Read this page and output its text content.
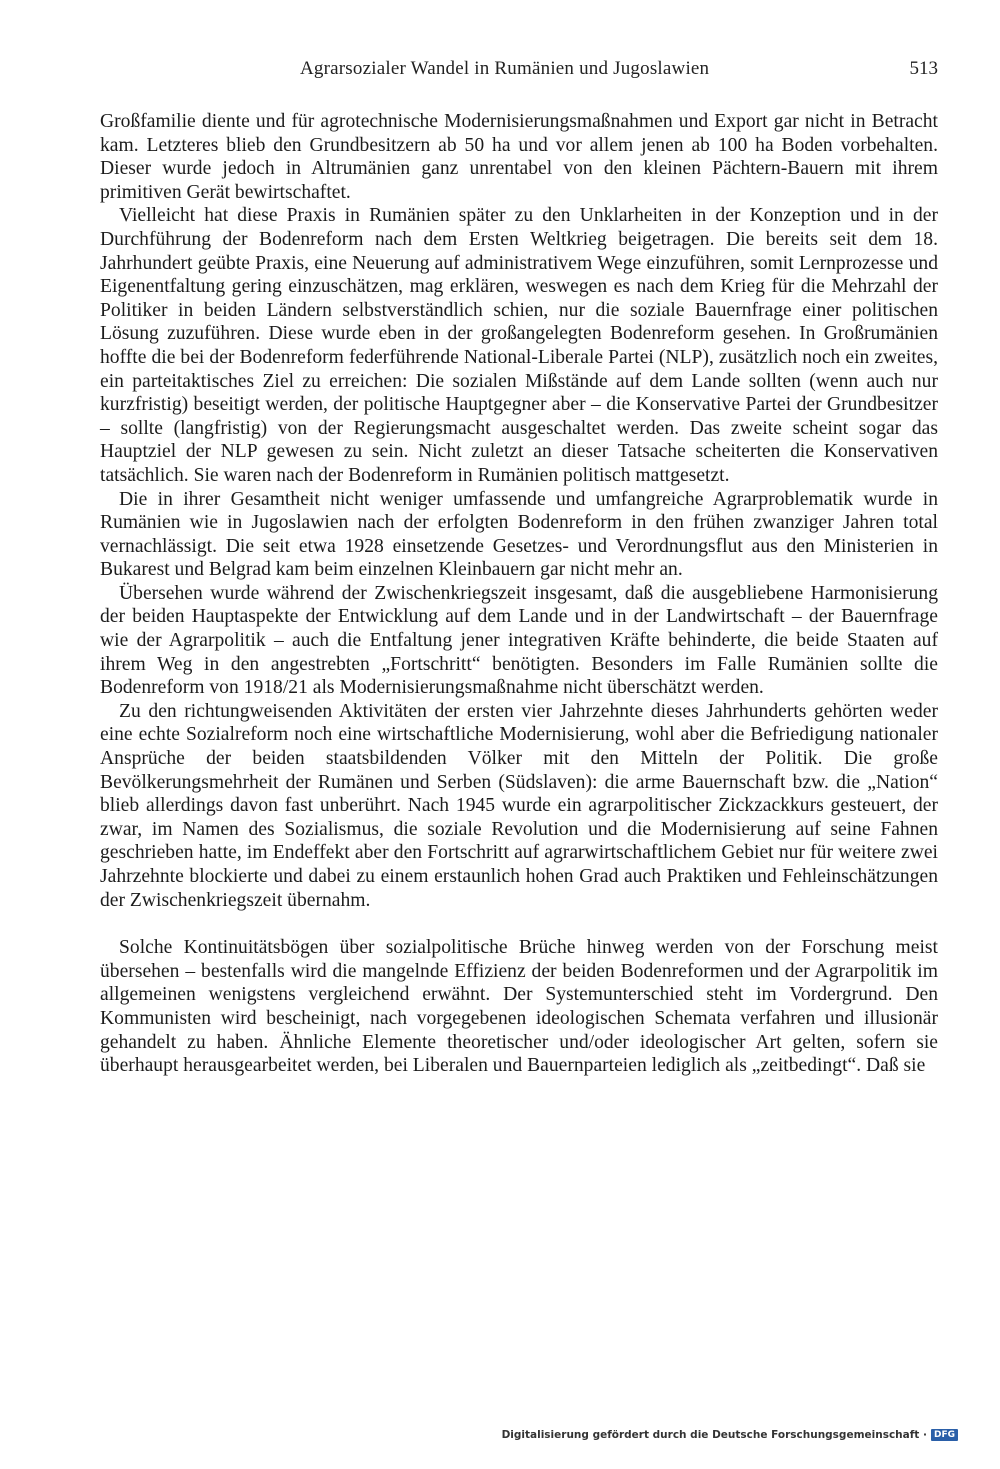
Agrarsozialer Wandel in Rumänien und Jugoslawien	513

Großfamilie diente und für agrotechnische Modernisierungsmaßnahmen und Export gar nicht in Betracht kam. Letzteres blieb den Grundbesitzern ab 50 ha und vor allem jenen ab 100 ha Boden vorbehalten. Dieser wurde jedoch in Altrumänien ganz unrentabel von den kleinen Pächtern-Bauern mit ihrem primitiven Gerät bewirtschaftet.

Vielleicht hat diese Praxis in Rumänien später zu den Unklarheiten in der Konzeption und in der Durchführung der Bodenreform nach dem Ersten Weltkrieg beigetragen. Die bereits seit dem 18. Jahrhundert geübte Praxis, eine Neuerung auf administrativem Wege einzuführen, somit Lernprozesse und Eigenentfaltung gering einzuschätzen, mag erklären, weswegen es nach dem Krieg für die Mehrzahl der Politiker in beiden Ländern selbstverständlich schien, nur die soziale Bauernfrage einer politischen Lösung zuzuführen. Diese wurde eben in der großangelegten Bodenreform gesehen. In Großrumänien hoffte die bei der Bodenreform federführende National-Liberale Partei (NLP), zusätzlich noch ein zweites, ein parteitaktisches Ziel zu erreichen: Die sozialen Mißstände auf dem Lande sollten (wenn auch nur kurzfristig) beseitigt werden, der politische Hauptgegner aber – die Konservative Partei der Grundbesitzer – sollte (langfristig) von der Regierungsmacht ausgeschaltet werden. Das zweite scheint sogar das Hauptziel der NLP gewesen zu sein. Nicht zuletzt an dieser Tatsache scheiterten die Konservativen tatsächlich. Sie waren nach der Bodenreform in Rumänien politisch mattgesetzt.

Die in ihrer Gesamtheit nicht weniger umfassende und umfangreiche Agrarproblematik wurde in Rumänien wie in Jugoslawien nach der erfolgten Bodenreform in den frühen zwanziger Jahren total vernachlässigt. Die seit etwa 1928 einsetzende Gesetzes- und Verordnungsflut aus den Ministerien in Bukarest und Belgrad kam beim einzelnen Kleinbauern gar nicht mehr an.

Übersehen wurde während der Zwischenkriegszeit insgesamt, daß die ausgebliebene Harmonisierung der beiden Hauptaspekte der Entwicklung auf dem Lande und in der Landwirtschaft – der Bauernfrage wie der Agrarpolitik – auch die Entfaltung jener integrativen Kräfte behinderte, die beide Staaten auf ihrem Weg in den angestrebten „Fortschritt“ benötigten. Besonders im Falle Rumänien sollte die Bodenreform von 1918/21 als Modernisierungsmaßnahme nicht überschätzt werden.

Zu den richtungweisenden Aktivitäten der ersten vier Jahrzehnte dieses Jahrhunderts gehörten weder eine echte Sozialreform noch eine wirtschaftliche Modernisierung, wohl aber die Befriedigung nationaler Ansprüche der beiden staatsbildenden Völker mit den Mitteln der Politik. Die große Bevölkerungsmehrheit der Rumänen und Serben (Südslaven): die arme Bauernschaft bzw. die „Nation“ blieb allerdings davon fast unberührt. Nach 1945 wurde ein agrarpolitischer Zickzackkurs gesteuert, der zwar, im Namen des Sozialismus, die soziale Revolution und die Modernisierung auf seine Fahnen geschrieben hatte, im Endeffekt aber den Fortschritt auf agrarwirtschaftlichem Gebiet nur für weitere zwei Jahrzehnte blockierte und dabei zu einem erstaunlich hohen Grad auch Praktiken und Fehleinschätzungen der Zwischenkriegszeit übernahm.

Solche Kontinuitätsbögen über sozialpolitische Brüche hinweg werden von der Forschung meist übersehen – bestenfalls wird die mangelnde Effizienz der beiden Bodenreformen und der Agrarpolitik im allgemeinen wenigstens vergleichend erwähnt. Der Systemunterschied steht im Vordergrund. Den Kommunisten wird bescheinigt, nach vorgegebenen ideologischen Schemata verfahren und illusionär gehandelt zu haben. Ähnliche Elemente theoretischer und/oder ideologischer Art gelten, sofern sie überhaupt herausgearbeitet werden, bei Liberalen und Bauernparteien lediglich als „zeitbedingt“. Daß sie

Digitalisierung gefördert durch die Deutsche Forschungsgemeinschaft · DFG
